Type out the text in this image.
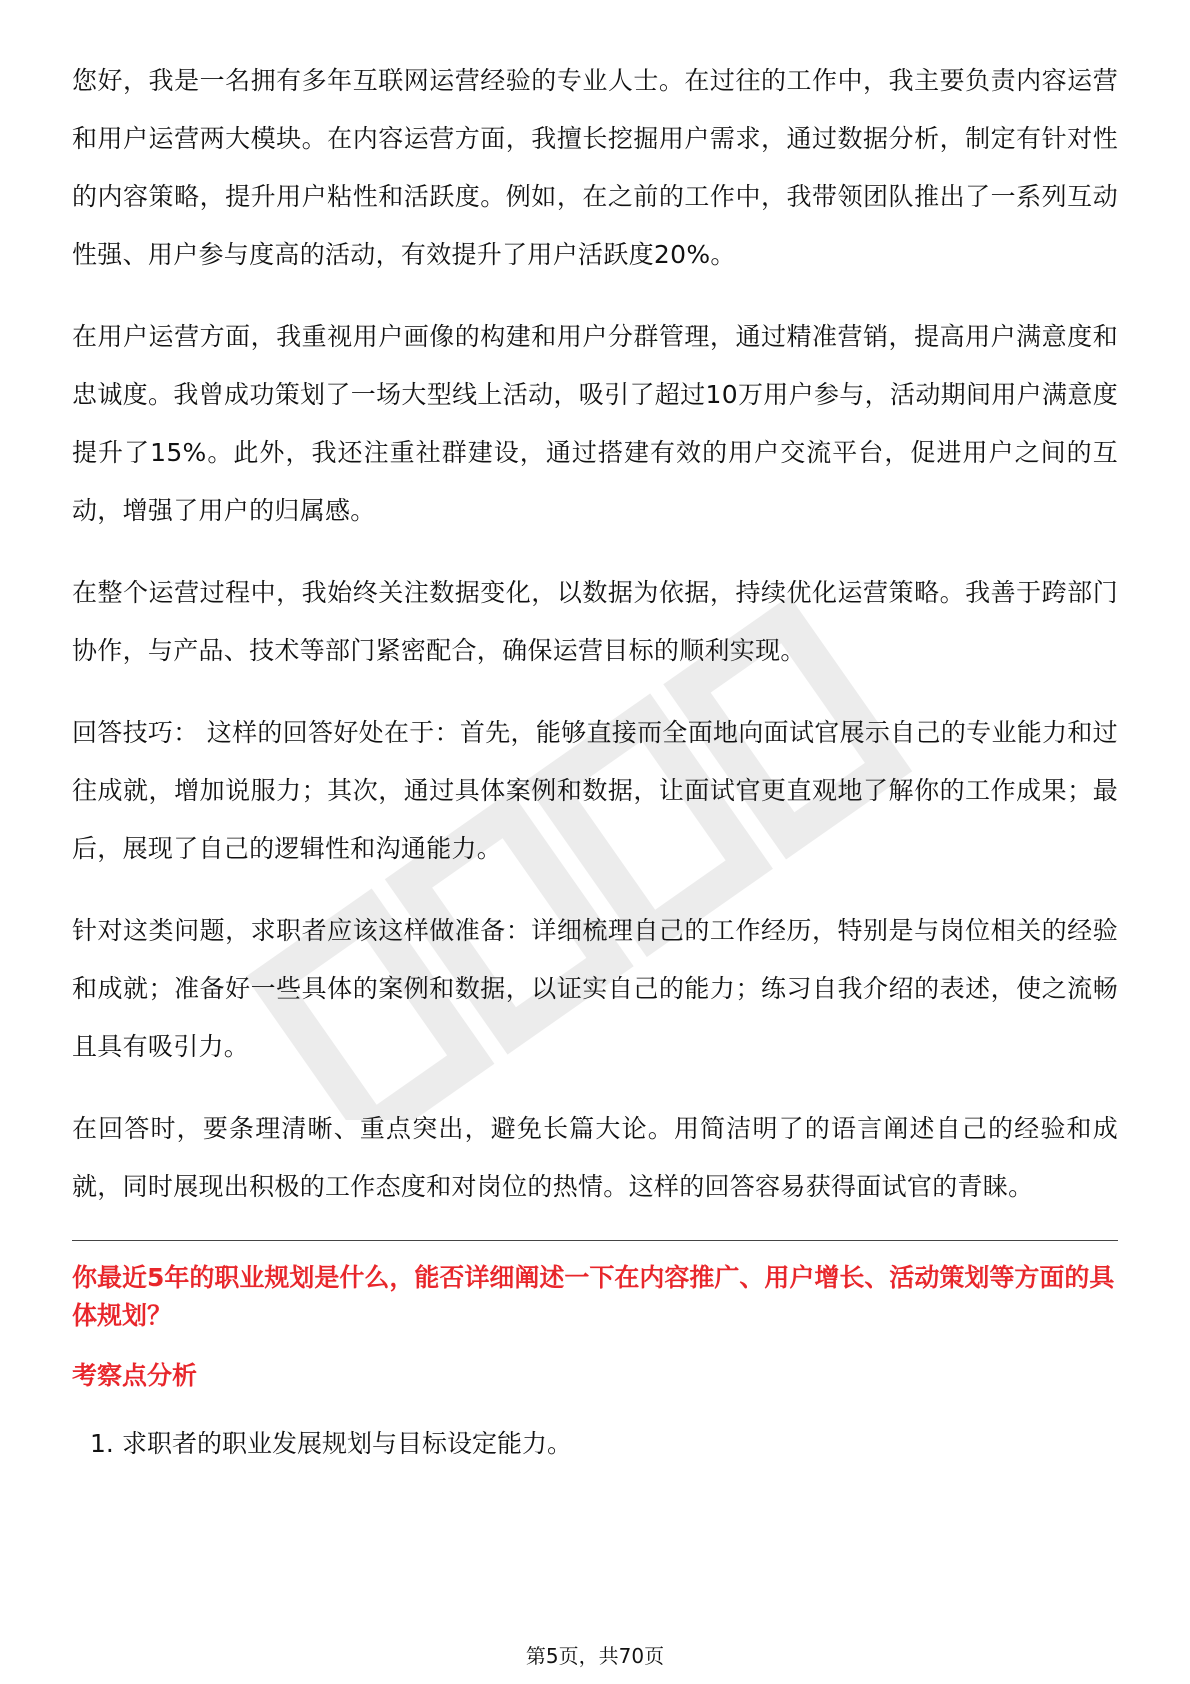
您好，我是一名拥有多年互联网运营经验的专业人士。在过往的工作中，我主要负责内容运营和用户运营两大模块。在内容运营方面，我擅长挖掘用户需求，通过数据分析，制定有针对性的内容策略，提升用户粘性和活跃度。例如，在之前的工作中，我带领团队推出了一系列互动性强、用户参与度高的活动，有效提升了用户活跃度20%。

在用户运营方面，我重视用户画像的构建和用户分群管理，通过精准营销，提高用户满意度和忠诚度。我曾成功策划了一场大型线上活动，吸引了超过10万用户参与，活动期间用户满意度提升了15%。此外，我还注重社群建设，通过搭建有效的用户交流平台，促进用户之间的互动，增强了用户的归属感。

在整个运营过程中，我始终关注数据变化，以数据为依据，持续优化运营策略。我善于跨部门协作，与产品、技术等部门紧密配合，确保运营目标的顺利实现。

回答技巧： 这样的回答好处在于：首先，能够直接而全面地向面试官展示自己的专业能力和过往成就，增加说服力；其次，通过具体案例和数据，让面试官更直观地了解你的工作成果；最后，展现了自己的逻辑性和沟通能力。

针对这类问题，求职者应该这样做准备：详细梳理自己的工作经历，特别是与岗位相关的经验和成就；准备好一些具体的案例和数据，以证实自己的能力；练习自我介绍的表述，使之流畅且具有吸引力。

在回答时，要条理清晰、重点突出，避免长篇大论。用简洁明了的语言阐述自己的经验和成就，同时展现出积极的工作态度和对岗位的热情。这样的回答容易获得面试官的青睐。

你最近5年的职业规划是什么，能否详细阐述一下在内容推广、用户增长、活动策划等方面的具体规划？
考察点分析
1. 求职者的职业发展规划与目标设定能力。
第5页，共70页
